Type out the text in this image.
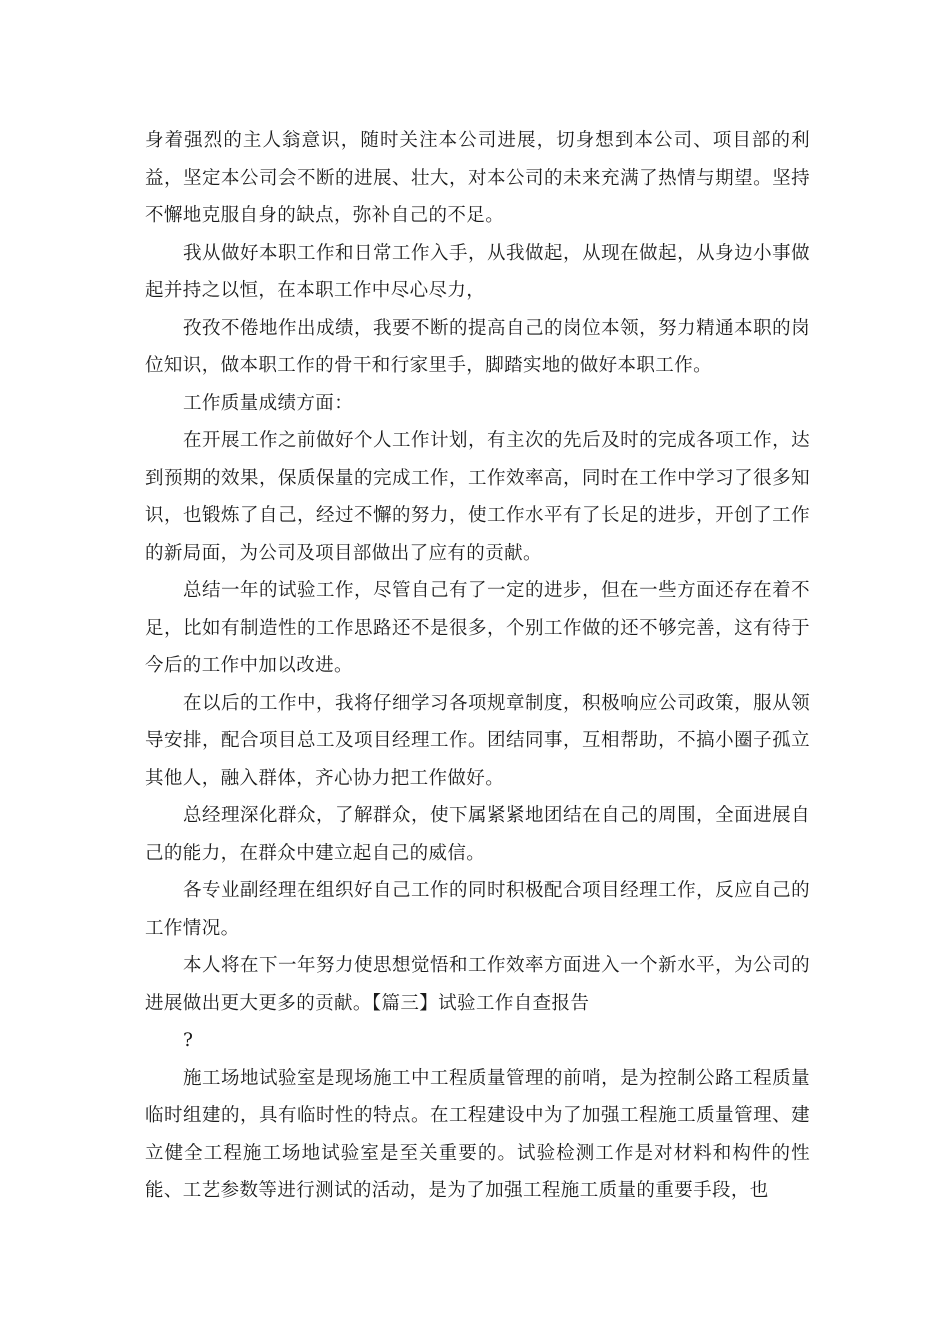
身着强烈的主人翁意识，随时关注本公司进展，切身想到本公司、项目部的利益，坚定本公司会不断的进展、壮大，对本公司的未来充满了热情与期望。坚持不懈地克服自身的缺点，弥补自己的不足。

我从做好本职工作和日常工作入手，从我做起，从现在做起，从身边小事做起并持之以恒，在本职工作中尽心尽力，

孜孜不倦地作出成绩，我要不断的提高自己的岗位本领，努力精通本职的岗位知识，做本职工作的骨干和行家里手，脚踏实地的做好本职工作。

工作质量成绩方面：

在开展工作之前做好个人工作计划，有主次的先后及时的完成各项工作，达到预期的效果，保质保量的完成工作，工作效率高，同时在工作中学习了很多知识，也锻炼了自己，经过不懈的努力，使工作水平有了长足的进步，开创了工作的新局面，为公司及项目部做出了应有的贡献。

总结一年的试验工作，尽管自己有了一定的进步，但在一些方面还存在着不足，比如有制造性的工作思路还不是很多，个别工作做的还不够完善，这有待于今后的工作中加以改进。

在以后的工作中，我将仔细学习各项规章制度，积极响应公司政策，服从领导安排，配合项目总工及项目经理工作。团结同事，互相帮助，不搞小圈子孤立其他人，融入群体，齐心协力把工作做好。

总经理深化群众，了解群众，使下属紧紧地团结在自己的周围，全面进展自己的能力，在群众中建立起自己的威信。

各专业副经理在组织好自己工作的同时积极配合项目经理工作，反应自己的工作情况。

本人将在下一年努力使思想觉悟和工作效率方面进入一个新水平，为公司的进展做出更大更多的贡献。【篇三】试验工作自查报告

?

施工场地试验室是现场施工中工程质量管理的前哨，是为控制公路工程质量临时组建的，具有临时性的特点。在工程建设中为了加强工程施工质量管理、建立健全工程施工场地试验室是至关重要的。试验检测工作是对材料和构件的性能、工艺参数等进行测试的活动，是为了加强工程施工质量的重要手段，也
